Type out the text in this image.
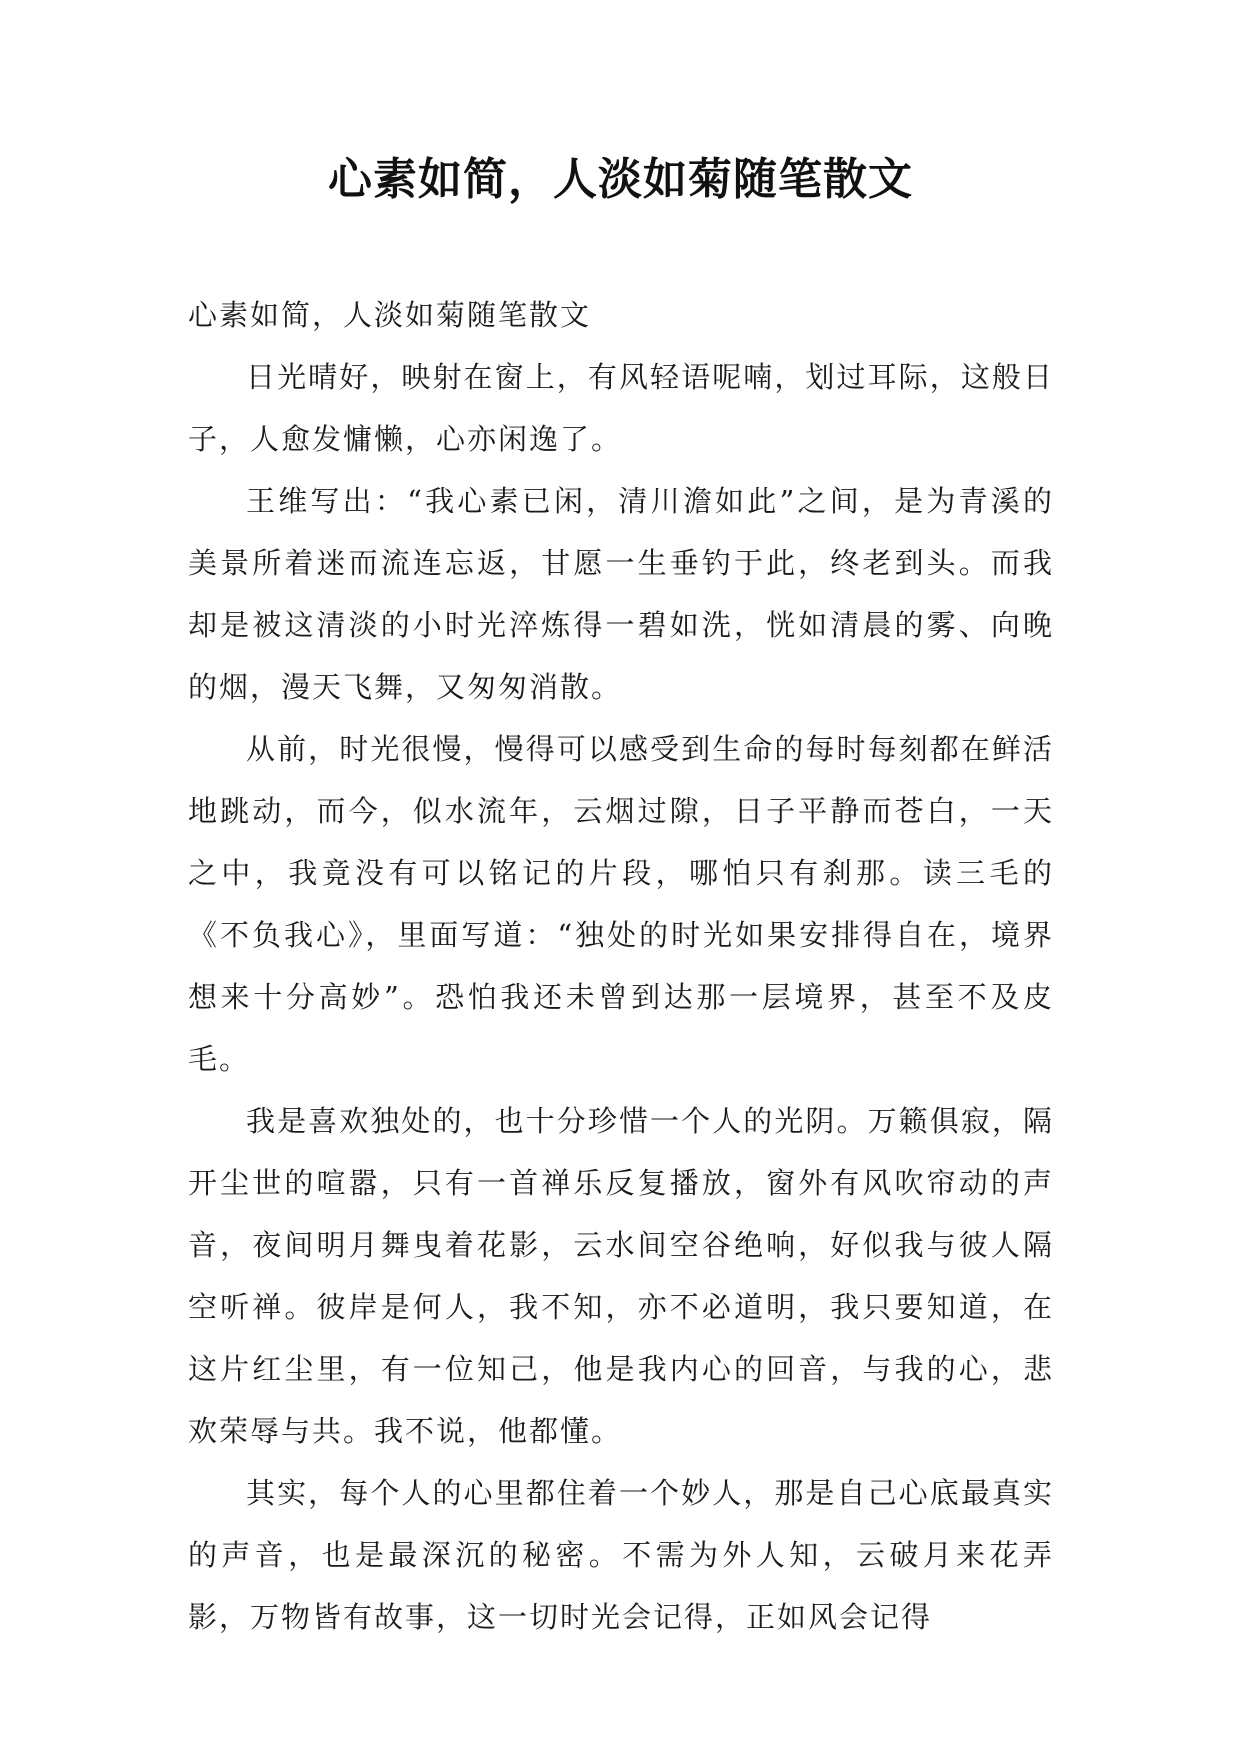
心素如简，人淡如菊随笔散文

心素如简，人淡如菊随笔散文

日光晴好，映射在窗上，有风轻语呢喃，划过耳际，这般日子，人愈发慵懒，心亦闲逸了。

王维写出：“我心素已闲，清川澹如此”之间，是为青溪的美景所着迷而流连忘返，甘愿一生垂钓于此，终老到头。而我却是被这清淡的小时光淬炼得一碧如洗，恍如清晨的雾、向晚的烟，漫天飞舞，又匆匆消散。

从前，时光很慢，慢得可以感受到生命的每时每刻都在鲜活地跳动，而今，似水流年，云烟过隙，日子平静而苍白，一天之中，我竟没有可以铭记的片段，哪怕只有刹那。读三毛的《不负我心》，里面写道：“独处的时光如果安排得自在，境界想来十分高妙”。恐怕我还未曾到达那一层境界，甚至不及皮毛。

我是喜欢独处的，也十分珍惜一个人的光阴。万籁俱寂，隔开尘世的喧嚣，只有一首禅乐反复播放，窗外有风吹帘动的声音，夜间明月舞曳着花影，云水间空谷绝响，好似我与彼人隔空听禅。彼岸是何人，我不知，亦不必道明，我只要知道，在这片红尘里，有一位知己，他是我内心的回音，与我的心，悲欢荣辱与共。我不说，他都懂。

其实，每个人的心里都住着一个妙人，那是自己心底最真实的声音，也是最深沉的秘密。不需为外人知，云破月来花弄影，万物皆有故事，这一切时光会记得，正如风会记得
